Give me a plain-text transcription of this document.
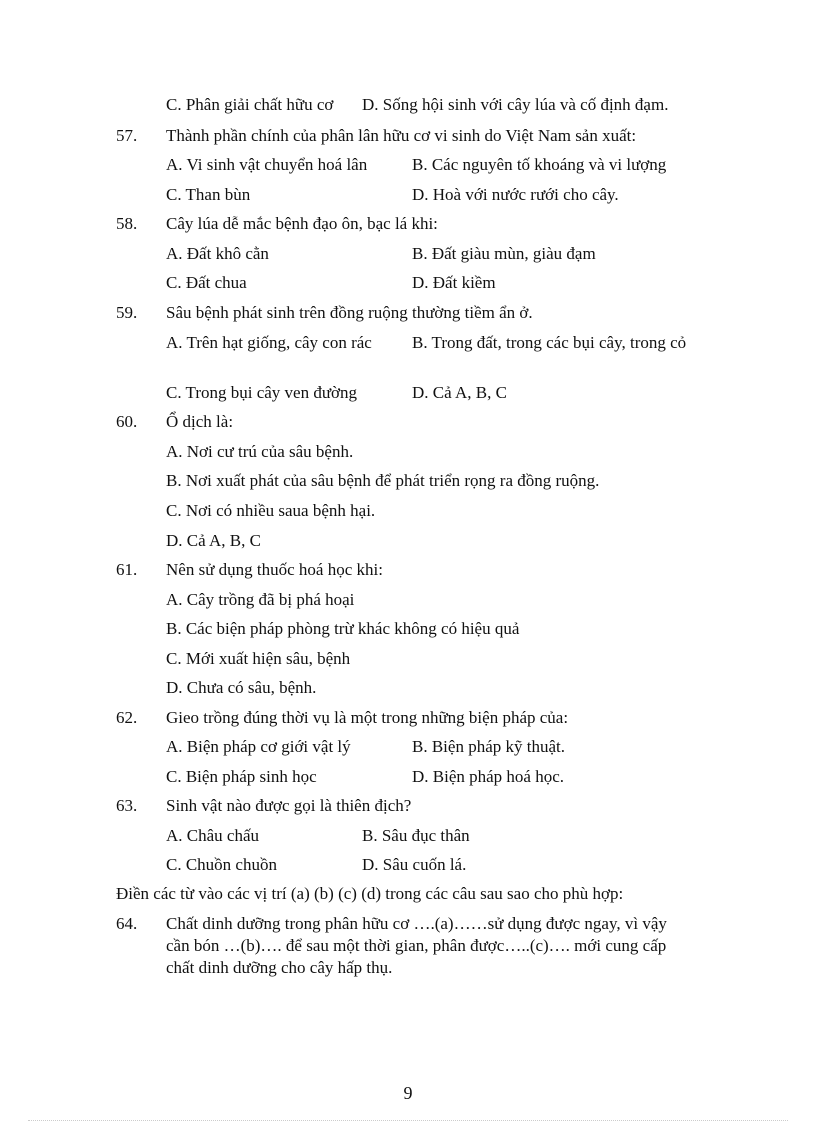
C. Phân giải chất hữu cơ D. Sống hội sinh với cây lúa và cố định đạm.
57. Thành phần chính của phân lân hữu cơ vi sinh do Việt Nam sản xuất:
A. Vi sinh vật chuyển hoá lân	B. Các nguyên tố khoáng và vi lượng
C. Than bùn	D. Hoà với nước rưới cho cây.
58. Cây lúa dễ mắc bệnh đạo ôn, bạc lá khi:
A. Đất khô cằn	B. Đất giàu mùn, giàu đạm
C. Đất chua	D. Đất kiềm
59. Sâu bệnh phát sinh trên đồng ruộng thường tiềm ẩn ở.
A. Trên hạt giống, cây con rác	B. Trong đất, trong các bụi cây, trong cỏ
C. Trong bụi cây ven đường	D. Cả A, B, C
60. Ổ dịch là:
A. Nơi cư trú của sâu bệnh.
B. Nơi xuất phát của sâu bệnh để phát triển rọng ra đồng ruộng.
C. Nơi có nhiều saua bệnh hại.
D. Cả A, B, C
61. Nên sử dụng thuốc hoá học khi:
A. Cây trồng đã bị phá hoại
B. Các biện pháp phòng trừ khác không có hiệu quả
C. Mới xuất hiện sâu, bệnh
D. Chưa có sâu, bệnh.
62. Gieo trồng đúng thời vụ là một trong những biện pháp của:
A. Biện pháp cơ giới vật lý	B. Biện pháp kỹ thuật.
C. Biện pháp sinh học	D. Biện pháp hoá học.
63. Sinh vật nào được gọi là thiên địch?
A. Châu chấu	B. Sâu đục thân
C. Chuồn chuồn	D. Sâu cuốn lá.
Điền các từ vào các vị trí (a) (b) (c) (d) trong các câu sau sao cho phù hợp:
64. Chất dinh dưỡng trong phân hữu cơ ….(a)……sử dụng được ngay, vì vậy
cần bón …(b)…. để sau một thời gian, phân được…..(c)…. mới cung cấp
chất dinh dưỡng cho cây hấp thụ.
9
